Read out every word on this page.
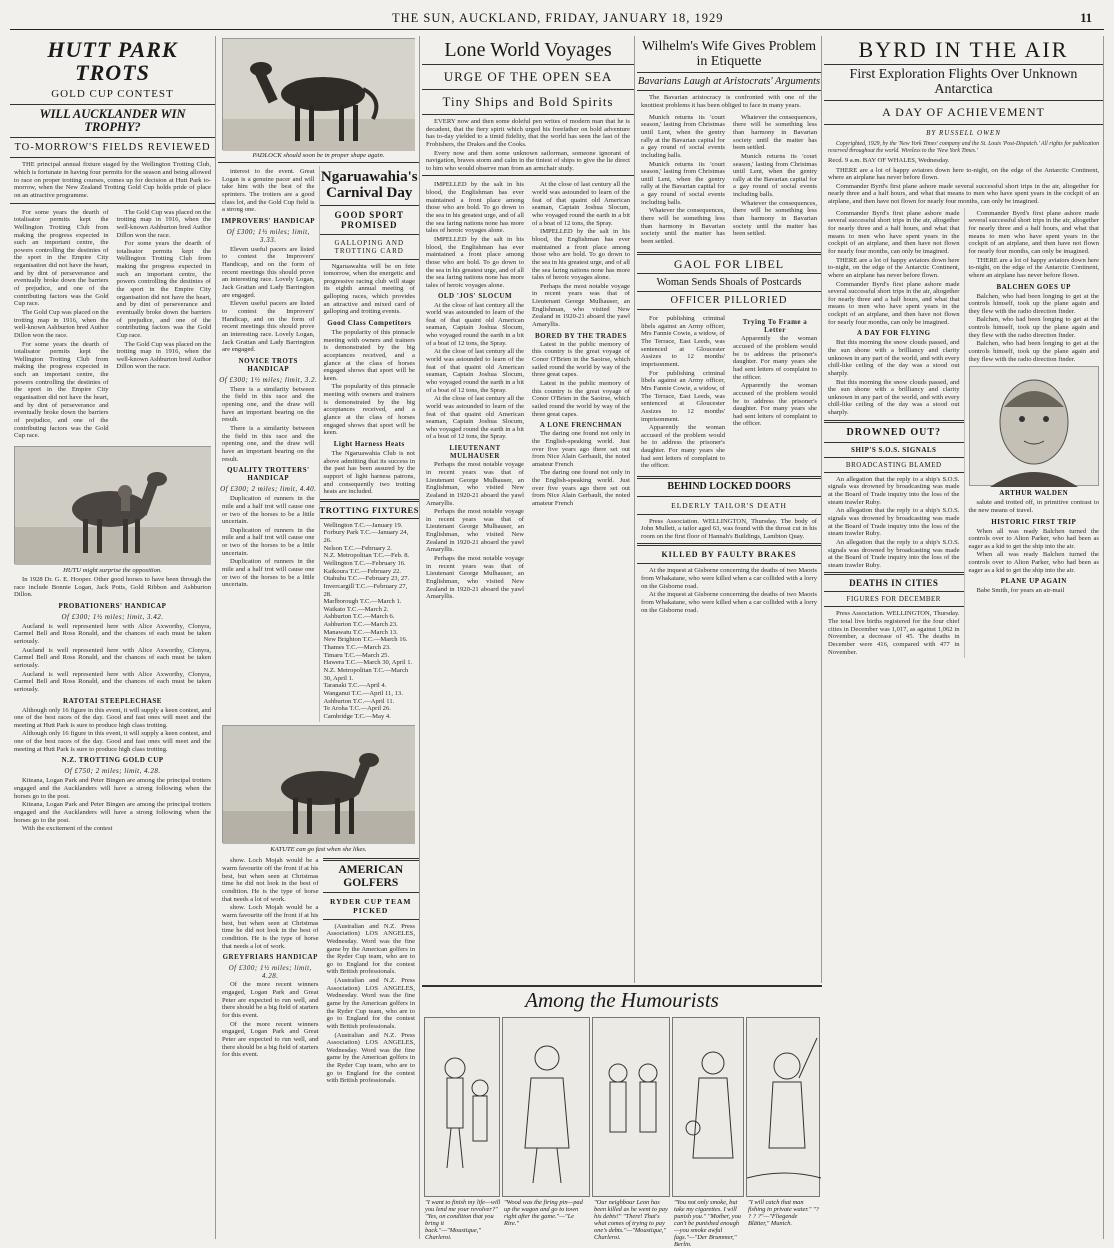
THE SUN, AUCKLAND, FRIDAY, JANUARY 18, 1929	11
HUTT PARK TROTS
GOLD CUP CONTEST
WILL AUCKLANDER WIN TROPHY?
TO-MORROW'S FIELDS REVIEWED

THE principal annual fixture staged by the Wellington Trotting Club, which is fortunate in having four permits for the season and being allowed to race on proper trotting courses, comes up for decision at Hutt Park to-morrow, when the New Zealand Trotting Gold Cup holds pride of place on an attractive programme.

For some years the dearth of totalisator permits kept the Wellington Trotting Club from making the progress expected in such an important centre, the powers controlling the destinies of the sport in the Empire City organisation did not have the heart, and by dint of perseverance and eventually broke down the barriers of prejudice, and one of the contributing factors was the Gold Cup race.

The Gold Cup was placed on the trotting map in 1916, when the well-known Ashburton bred Author Dillon won the race.

For some years the dearth of totalisator permits kept the Wellington Trotting Club from making the progress expected in such an important centre, the powers controlling the destinies of the sport in the Empire City organisation did not have the heart, and by dint of perseverance and eventually broke down the barriers of prejudice, and one of the contributing factors was the Gold Cup race.

The Gold Cup was placed on the trotting map in 1916, when the well-known Ashburton bred Author Dillon won the race.

For some years the dearth of totalisator permits kept the Wellington Trotting Club from making the progress expected in such an important centre, the powers controlling the destinies of the sport in the Empire City organisation did not have the heart, and by dint of perseverance and eventually broke down the barriers of prejudice, and one of the contributing factors was the Gold Cup race.

The Gold Cup was placed on the trotting map in 1916, when the well-known Ashburton bred Author Dillon won the race.

HUTU might surprise the opposition.

In 1928 Dr. G. E. Hooper. Other good horses to have been through the race include Bonnie Logan, Jack Potts, Gold Ribbon and Ashburton Dillon.

PROBATIONERS' HANDICAP
Of £300; 1½ miles; limit, 3.42.

Aucland is well represented here with Alice Axworthy, Clonyra, Carmel Bell and Ross Ronald, and the chances of each must be taken seriously.

Aucland is well represented here with Alice Axworthy, Clonyra, Carmel Bell and Ross Ronald, and the chances of each must be taken seriously.

Aucland is well represented here with Alice Axworthy, Clonyra, Carmel Bell and Ross Ronald, and the chances of each must be taken seriously.

RATOTAI STEEPLECHASE

Although only 16 figure in this event, it will supply a keen contest, and one of the best races of the day. Good and fast ones will meet and the meeting at Hutt Park is sure to produce high class trotting.

Although only 16 figure in this event, it will supply a keen contest, and one of the best races of the day. Good and fast ones will meet and the meeting at Hutt Park is sure to produce high class trotting.

N.Z. TROTTING GOLD CUP
Of £750; 2 miles; limit, 4.28.

Kiteana, Logan Park and Peter Bingen are among the principal trotters engaged and the Aucklanders will have a strong following when the horses go to the post.

Kiteana, Logan Park and Peter Bingen are among the principal trotters engaged and the Aucklanders will have a strong following when the horses go to the post.

With the excitement of the contest

PADLOCK should soon be in proper shape again.

interest to the event. Great Logan is a genuine pacer and will take him with the best of the sprinters. The trotters are a good class lot, and the Gold Cup field is a strong one.

IMPROVERS' HANDICAP
Of £300; 1½ miles; limit, 3.33.

Eleven useful pacers are listed to contest the Improvers' Handicap, and on the form of recent meetings this should prove an interesting race. Lovely Logan, Jack Grattan and Lady Barrington are engaged.

Eleven useful pacers are listed to contest the Improvers' Handicap, and on the form of recent meetings this should prove an interesting race. Lovely Logan, Jack Grattan and Lady Barrington are engaged.

NOVICE TROTS HANDICAP
Of £300; 1½ miles; limit, 3.2.

There is a similarity between the field in this race and the opening one, and the draw will have an important bearing on the result.

There is a similarity between the field in this race and the opening one, and the draw will have an important bearing on the result.

QUALITY TROTTERS' HANDICAP
Of £300; 2 miles; limit, 4.40.

Duplication of runners in the mile and a half trot will cause one or two of the horses to be a little uncertain.

Duplication of runners in the mile and a half trot will cause one or two of the horses to be a little uncertain.

Duplication of runners in the mile and a half trot will cause one or two of the horses to be a little uncertain.

Ngaruawahia's Carnival Day
GOOD SPORT PROMISED
GALLOPING AND TROTTING CARD

Ngaruawahia will be en fete tomorrow, when the energetic and progressive racing club will stage its eighth annual meeting of galloping races, which provides an attractive and mixed card of galloping and trotting events.

Good Class Competitors

The popularity of this pinnacle meeting with owners and trainers is demonstrated by the big acceptances received, and a glance at the class of horses engaged shows that sport will be keen.

The popularity of this pinnacle meeting with owners and trainers is demonstrated by the big acceptances received, and a glance at the class of horses engaged shows that sport will be keen.

Light Harness Heats

The Ngaruawahia Club is not above admitting that its success in the past has been assured by the support of light harness patrons, and consequently two trotting heats are included.

TROTTING FIXTURES
Wellington T.C.—January 19.
Forbury Park T.C.—January 24, 26.
Nelson T.C.—February 2.
N.Z. Metropolitan T.C.—Feb. 8.
Wellington T.C.—February 16.
Kaikoura T.C.—February 22.
Otahuhu T.C.—February 23, 27.
Invercargill T.C.—February 27, 28.
Marlborough T.C.—March 1.
Waikato T.C.—March 2.
Ashburton T.C.—March 6.
Ashburton T.C.—March 23.
Manawatu T.C.—March 13.
New Brighton T.C.—March 16.
Thames T.C.—March 23.
Timaru T.C.—March 25.
Hawera T.C.—March 30, April 1.
N.Z. Metropolitan T.C.—March 30, April 1.
Taranaki T.C.—April 4.
Wanganui T.C.—April 11, 13.
Ashburton T.C.—April 11.
Te Aroha T.C.—April 26.
Cambridge T.C.—May 4.
KATUTE can go fast when she likes.

show. Loch Mojah would be a warm favourite off the front if at his best, but when seen at Christmas time he did not look in the best of condition. He is the type of horse that needs a lot of work.

show. Loch Mojah would be a warm favourite off the front if at his best, but when seen at Christmas time he did not look in the best of condition. He is the type of horse that needs a lot of work.

GREYFRIARS HANDICAP
Of £300; 1½ miles; limit, 4.28.

Of the more recent winners engaged, Logan Park and Great Peter are expected to run well, and there should be a big field of starters for this event.

Of the more recent winners engaged, Logan Park and Great Peter are expected to run well, and there should be a big field of starters for this event.

AMERICAN GOLFERS
RYDER CUP TEAM PICKED

(Australian and N.Z. Press Association) LOS ANGELES, Wednesday. Word was the fine game by the American golfers in the Ryder Cup team, who are to go to England for the contest with British professionals.

(Australian and N.Z. Press Association) LOS ANGELES, Wednesday. Word was the fine game by the American golfers in the Ryder Cup team, who are to go to England for the contest with British professionals.

(Australian and N.Z. Press Association) LOS ANGELES, Wednesday. Word was the fine game by the American golfers in the Ryder Cup team, who are to go to England for the contest with British professionals.

Lone World Voyages
URGE OF THE OPEN SEA
Tiny Ships and Bold Spirits

EVERY now and then some doleful pen writes of modern man that he is decadent, that the fiery spirit which urged his forefather on bold adventure has to-day yielded to a timid fidelity, that the world has seen the last of the Frobishers, the Drakes and the Cooks.

Every now and then some unknown sailorman, someone ignorant of navigation, braves storm and calm in the tiniest of ships to give the lie direct to him who would observe man from an armchair study.

IMPELLED by the salt in his blood, the Englishman has ever maintained a front place among those who are bold. To go down to the sea in his greatest urge, and of all the sea faring nations none has more tales of heroic voyages alone.

IMPELLED by the salt in his blood, the Englishman has ever maintained a front place among those who are bold. To go down to the sea in his greatest urge, and of all the sea faring nations none has more tales of heroic voyages alone.

OLD 'JOS' SLOCUM

At the close of last century all the world was astounded to learn of the feat of that quaint old American seaman, Captain Joshua Slocum, who voyaged round the earth in a bit of a boat of 12 tons, the Spray.

At the close of last century all the world was astounded to learn of the feat of that quaint old American seaman, Captain Joshua Slocum, who voyaged round the earth in a bit of a boat of 12 tons, the Spray.

At the close of last century all the world was astounded to learn of the feat of that quaint old American seaman, Captain Joshua Slocum, who voyaged round the earth in a bit of a boat of 12 tons, the Spray.

LIEUTENANT MULHAUSER

Perhaps the most notable voyage in recent years was that of Lieutenant George Mulhauser, an Englishman, who visited New Zealand in 1920-21 aboard the yawl Amaryllis.

Perhaps the most notable voyage in recent years was that of Lieutenant George Mulhauser, an Englishman, who visited New Zealand in 1920-21 aboard the yawl Amaryllis.

Perhaps the most notable voyage in recent years was that of Lieutenant George Mulhauser, an Englishman, who visited New Zealand in 1920-21 aboard the yawl Amaryllis.

At the close of last century all the world was astounded to learn of the feat of that quaint old American seaman, Captain Joshua Slocum, who voyaged round the earth in a bit of a boat of 12 tons, the Spray.

IMPELLED by the salt in his blood, the Englishman has ever maintained a front place among those who are bold. To go down to the sea in his greatest urge, and of all the sea faring nations none has more tales of heroic voyages alone.

Perhaps the most notable voyage in recent years was that of Lieutenant George Mulhauser, an Englishman, who visited New Zealand in 1920-21 aboard the yawl Amaryllis.

BORED BY THE TRADES

Latest in the public memory of this country is the great voyage of Conor O'Brien in the Saoirse, which sailed round the world by way of the three great capes.

Latest in the public memory of this country is the great voyage of Conor O'Brien in the Saoirse, which sailed round the world by way of the three great capes.

A LONE FRENCHMAN

The daring one found not only in the English-speaking world. Just over five years ago there set out from Nice Alain Gerbault, the noted amateur French

The daring one found not only in the English-speaking world. Just over five years ago there set out from Nice Alain Gerbault, the noted amateur French

Wilhelm's Wife Gives Problem in Etiquette
Bavarians Laugh at Aristocrats' Arguments

The Bavarian aristocracy is confronted with one of the knottiest problems it has been obliged to face in many years.

Munich returns its 'court season,' lasting from Christmas until Lent, when the gentry rally at the Bavarian capital for a gay round of social events including balls.

Munich returns its 'court season,' lasting from Christmas until Lent, when the gentry rally at the Bavarian capital for a gay round of social events including balls.

Whatever the consequences, there will be something less than harmony in Bavarian society until the matter has been settled.

Whatever the consequences, there will be something less than harmony in Bavarian society until the matter has been settled.

Munich returns its 'court season,' lasting from Christmas until Lent, when the gentry rally at the Bavarian capital for a gay round of social events including balls.

Whatever the consequences, there will be something less than harmony in Bavarian society until the matter has been settled.

GAOL FOR LIBEL
Woman Sends Shoals of Postcards
OFFICER PILLORIED

For publishing criminal libels against an Army officer, Mrs Fannie Cowie, a widow, of The Terrace, East Leeds, was sentenced at Gloucester Assizes to 12 months' imprisonment.

For publishing criminal libels against an Army officer, Mrs Fannie Cowie, a widow, of The Terrace, East Leeds, was sentenced at Gloucester Assizes to 12 months' imprisonment.

Apparently the woman accused of the problem would be to address the prisoner's daughter. For many years she had sent letters of complaint to the officer.

Trying To Frame a Letter

Apparently the woman accused of the problem would be to address the prisoner's daughter. For many years she had sent letters of complaint to the officer.

Apparently the woman accused of the problem would be to address the prisoner's daughter. For many years she had sent letters of complaint to the officer.

BEHIND LOCKED DOORS
ELDERLY TAILOR'S DEATH

Press Association. WELLINGTON, Thursday. The body of John Mullett, a tailor aged 63, was found with the throat cut in his room on the first floor of Hannah's Buildings, Lambton Quay.

KILLED BY FAULTY BRAKES

At the inquest at Gisborne concerning the deaths of two Maoris from Whakatane, who were killed when a car collided with a lorry on the Gisborne road.

At the inquest at Gisborne concerning the deaths of two Maoris from Whakatane, who were killed when a car collided with a lorry on the Gisborne road.

Among the Humourists
"I want to finish my life—will you lend me your revolver?" "Yes, on condition that you bring it back."—"Moustique," Charleroi.
"Wood was the firing pin—pad up the wagon and go to town right after the game."—"Le Rire."
"Our neighbour Leon has been killed as he went to pay his debts!" "There! That's what comes of trying to pay one's debts."—"Moustique," Charleroi.
"You not only smoke, but take my cigarettes. I will punish you." "Mother, you can't be punished enough—you smoke awful fags."—"Der Brummer," Berlin.
"I will catch that man fishing in private water." "? ? ? ?"—"Fliegende Blätter," Munich.
BYRD IN THE AIR
First Exploration Flights Over Unknown Antarctica
A DAY OF ACHIEVEMENT
BY RUSSELL OWEN

Copyrighted, 1929, by the 'New York Times' company and the St. Louis 'Post-Dispatch.' All rights for publication reserved throughout the world. Wireless to the 'New York Times.'

Recd. 9 a.m. BAY OF WHALES, Wednesday.

THERE are a lot of happy aviators down here to-night, on the edge of the Antarctic Continent, where an airplane has never before flown.

Commander Byrd's first plane ashore made several successful short trips in the air, altogether for nearly three and a half hours, and what that means to men who have spent years in the cockpit of an airplane, and then have not flown for nearly four months, can only be imagined.

Commander Byrd's first plane ashore made several successful short trips in the air, altogether for nearly three and a half hours, and what that means to men who have spent years in the cockpit of an airplane, and then have not flown for nearly four months, can only be imagined.

THERE are a lot of happy aviators down here to-night, on the edge of the Antarctic Continent, where an airplane has never before flown.

Commander Byrd's first plane ashore made several successful short trips in the air, altogether for nearly three and a half hours, and what that means to men who have spent years in the cockpit of an airplane, and then have not flown for nearly four months, can only be imagined.

A DAY FOR FLYING

But this morning the snow clouds passed, and the sun shone with a brilliancy and clarity unknown in any part of the world, and with every chill-like ceiling of the day was a stood out sharply.

But this morning the snow clouds passed, and the sun shone with a brilliancy and clarity unknown in any part of the world, and with every chill-like ceiling of the day was a stood out sharply.

DROWNED OUT?
SHIP'S S.O.S. SIGNALS
BROADCASTING BLAMED

An allegation that the reply to a ship's S.O.S. signals was drowned by broadcasting was made at the Board of Trade inquiry into the loss of the steam trawler Ruby.

An allegation that the reply to a ship's S.O.S. signals was drowned by broadcasting was made at the Board of Trade inquiry into the loss of the steam trawler Ruby.

An allegation that the reply to a ship's S.O.S. signals was drowned by broadcasting was made at the Board of Trade inquiry into the loss of the steam trawler Ruby.

DEATHS IN CITIES
FIGURES FOR DECEMBER

Press Association. WELLINGTON, Thursday. The total live births registered for the four chief cities in December was 1,017, as against 1,062 in November, a decrease of 45. The deaths in December were 416, compared with 477 in November.

Commander Byrd's first plane ashore made several successful short trips in the air, altogether for nearly three and a half hours, and what that means to men who have spent years in the cockpit of an airplane, and then have not flown for nearly four months, can only be imagined.

THERE are a lot of happy aviators down here to-night, on the edge of the Antarctic Continent, where an airplane has never before flown.

BALCHEN GOES UP

Balchen, who had been longing to get at the controls himself, took up the plane again and they flew with the radio direction finder.

Balchen, who had been longing to get at the controls himself, took up the plane again and they flew with the radio direction finder.

Balchen, who had been longing to get at the controls himself, took up the plane again and they flew with the radio direction finder.

ARTHUR WALDEN

salute and trotted off, in primitive contrast to the new means of travel.

HISTORIC FIRST TRIP

When all was ready Balchen turned the controls over to Alton Parker, who had been as eager as a kid to get the ship into the air.

When all was ready Balchen turned the controls over to Alton Parker, who had been as eager as a kid to get the ship into the air.

PLANE UP AGAIN

Babe Smith, for years an air-mail
